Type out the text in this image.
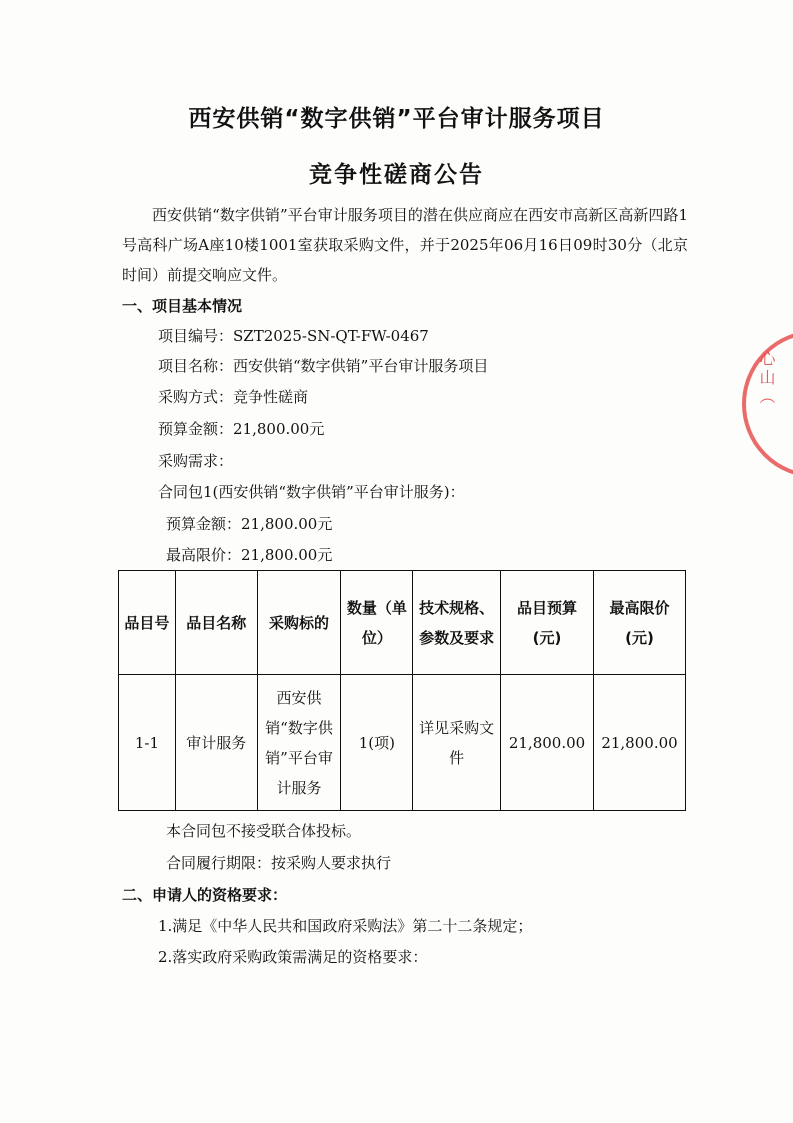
西安供销“数字供销”平台审计服务项目
竞争性磋商公告
西安供销“数字供销”平台审计服务项目的潜在供应商应在西安市高新区高新四路1号高科广场A座10楼1001室获取采购文件，并于2025年06月16日09时30分（北京时间）前提交响应文件。
一、项目基本情况
项目编号：SZT2025-SN-QT-FW-0467
项目名称：西安供销“数字供销”平台审计服务项目
采购方式：竞争性磋商
预算金额：21,800.00元
采购需求：
合同包1(西安供销“数字供销”平台审计服务)：
预算金额：21,800.00元
最高限价：21,800.00元
品目号	品目名称	采购标的	数量（单位）	技术规格、参数及要求	品目预算(元)	最高限价(元)
1-1	审计服务	西安供销“数字供销”平台审计服务	1(项)	详见采购文件	21,800.00	21,800.00
本合同包不接受联合体投标。
合同履行期限：按采购人要求执行
二、申请人的资格要求：
1.满足《中华人民共和国政府采购法》第二十二条规定；
2.落实政府采购政策需满足的资格要求：
心山（
